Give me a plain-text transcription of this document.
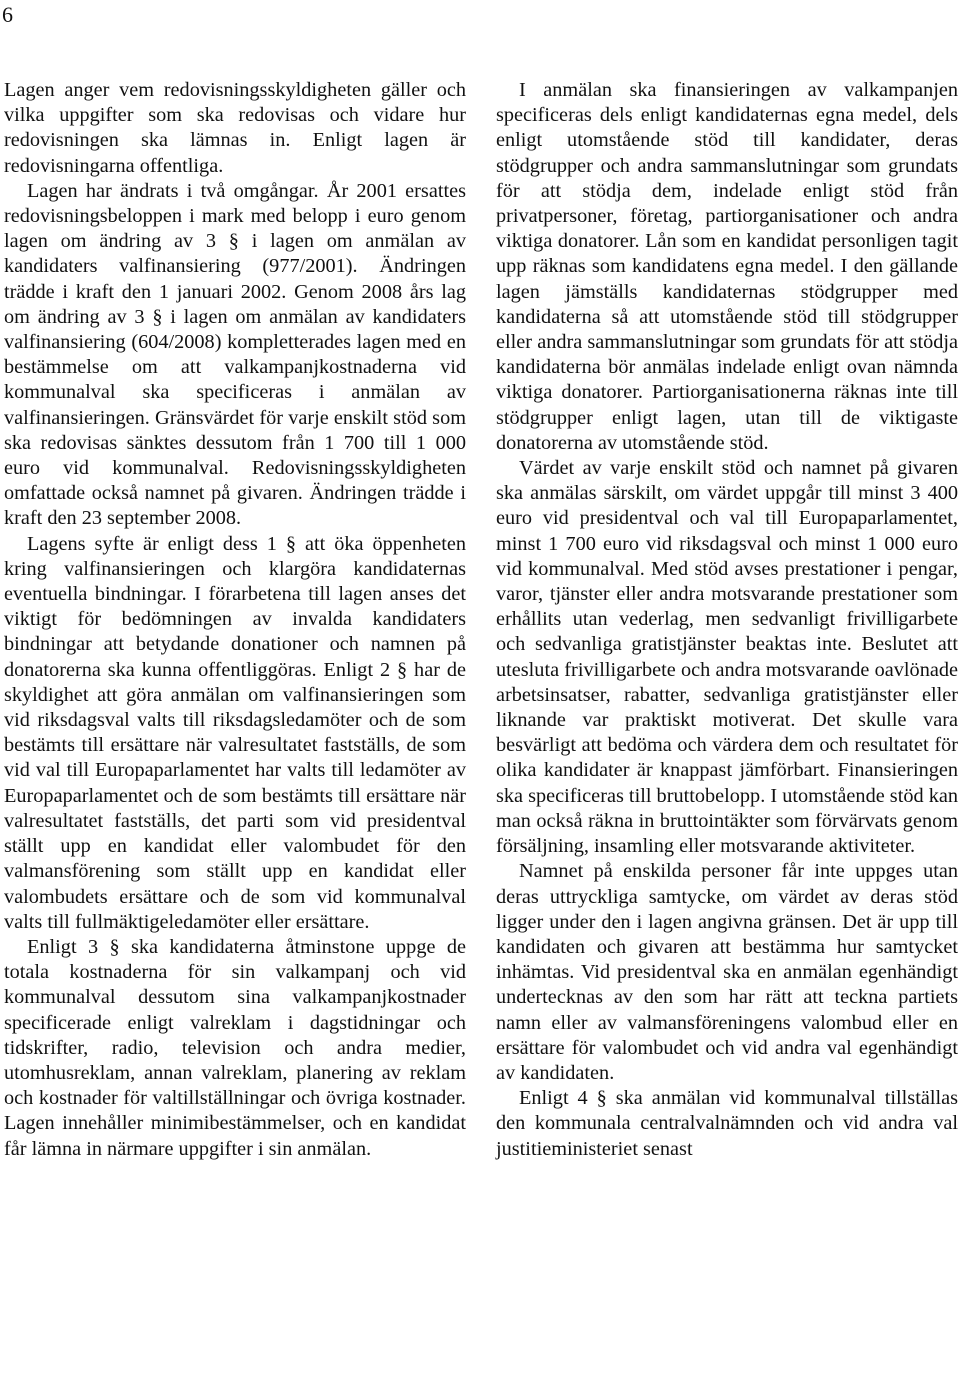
6

Lagen anger vem redovisningsskyldigheten gäller och vilka uppgifter som ska redovisas och vidare hur redovisningen ska lämnas in. Enligt lagen är redovisningarna offentliga.

Lagen har ändrats i två omgångar. År 2001 ersattes redovisningsbeloppen i mark med belopp i euro genom lagen om ändring av 3 § i lagen om anmälan av kandidaters valfinansiering (977/2001). Ändringen trädde i kraft den 1 januari 2002. Genom 2008 års lag om ändring av 3 § i lagen om anmälan av kandidaters valfinansiering (604/2008) kompletterades lagen med en bestämmelse om att valkampanjkostnaderna vid kommunalval ska specificeras i anmälan av valfinansieringen. Gränsvärdet för varje enskilt stöd som ska redovisas sänktes dessutom från 1 700 till 1 000 euro vid kommunalval. Redovisningsskyldigheten omfattade också namnet på givaren. Ändringen trädde i kraft den 23 september 2008.

Lagens syfte är enligt dess 1 § att öka öppenheten kring valfinansieringen och klargöra kandidaternas eventuella bindningar. I förarbetena till lagen anses det viktigt för bedömningen av invalda kandidaters bindningar att betydande donationer och namnen på donatorerna ska kunna offentliggöras. Enligt 2 § har de skyldighet att göra anmälan om valfinansieringen som vid riksdagsval valts till riksdagsledamöter och de som bestämts till ersättare när valresultatet fastställs, de som vid val till Europaparlamentet har valts till ledamöter av Europaparlamentet och de som bestämts till ersättare när valresultatet fastställs, det parti som vid presidentval ställt upp en kandidat eller valombudet för den valmansförening som ställt upp en kandidat eller valombudets ersättare och de som vid kommunalval valts till fullmäktigeledamöter eller ersättare.

Enligt 3 § ska kandidaterna åtminstone uppge de totala kostnaderna för sin valkampanj och vid kommunalval dessutom sina valkampanjkostnader specificerade enligt valreklam i dagstidningar och tidskrifter, radio, television och andra medier, utomhusreklam, annan valreklam, planering av reklam och kostnader för valtillställningar och övriga kostnader. Lagen innehåller minimibestämmelser, och en kandidat får lämna in närmare uppgifter i sin anmälan.

I anmälan ska finansieringen av valkampanjen specificeras dels enligt kandidaternas egna medel, dels enligt utomstående stöd till kandidater, deras stödgrupper och andra sammanslutningar som grundats för att stödja dem, indelade enligt stöd från privatpersoner, företag, partiorganisationer och andra viktiga donatorer. Lån som en kandidat personligen tagit upp räknas som kandidatens egna medel. I den gällande lagen jämställs kandidaternas stödgrupper med kandidaterna så att utomstående stöd till stödgrupper eller andra sammanslutningar som grundats för att stödja kandidaterna bör anmälas indelade enligt ovan nämnda viktiga donatorer. Partiorganisationerna räknas inte till stödgrupper enligt lagen, utan till de viktigaste donatorerna av utomstående stöd.

Värdet av varje enskilt stöd och namnet på givaren ska anmälas särskilt, om värdet uppgår till minst 3 400 euro vid presidentval och val till Europaparlamentet, minst 1 700 euro vid riksdagsval och minst 1 000 euro vid kommunalval. Med stöd avses prestationer i pengar, varor, tjänster eller andra motsvarande prestationer som erhållits utan vederlag, men sedvanligt frivilligarbete och sedvanliga gratistjänster beaktas inte. Beslutet att utesluta frivilligarbete och andra motsvarande oavlönade arbetsinsatser, rabatter, sedvanliga gratistjänster eller liknande var praktiskt motiverat. Det skulle vara besvärligt att bedöma och värdera dem och resultatet för olika kandidater är knappast jämförbart. Finansieringen ska specificeras till bruttobelopp. I utomstående stöd kan man också räkna in bruttointäkter som förvärvats genom försäljning, insamling eller motsvarande aktiviteter.

Namnet på enskilda personer får inte uppges utan deras uttryckliga samtycke, om värdet av deras stöd ligger under den i lagen angivna gränsen. Det är upp till kandidaten och givaren att bestämma hur samtycket inhämtas. Vid presidentval ska en anmälan egenhändigt undertecknas av den som har rätt att teckna partiets namn eller av valmansföreningens valombud eller en ersättare för valombudet och vid andra val egenhändigt av kandidaten.

Enligt 4 § ska anmälan vid kommunalval tillställas den kommunala centralvalnämnden och vid andra val justitieministeriet senast
